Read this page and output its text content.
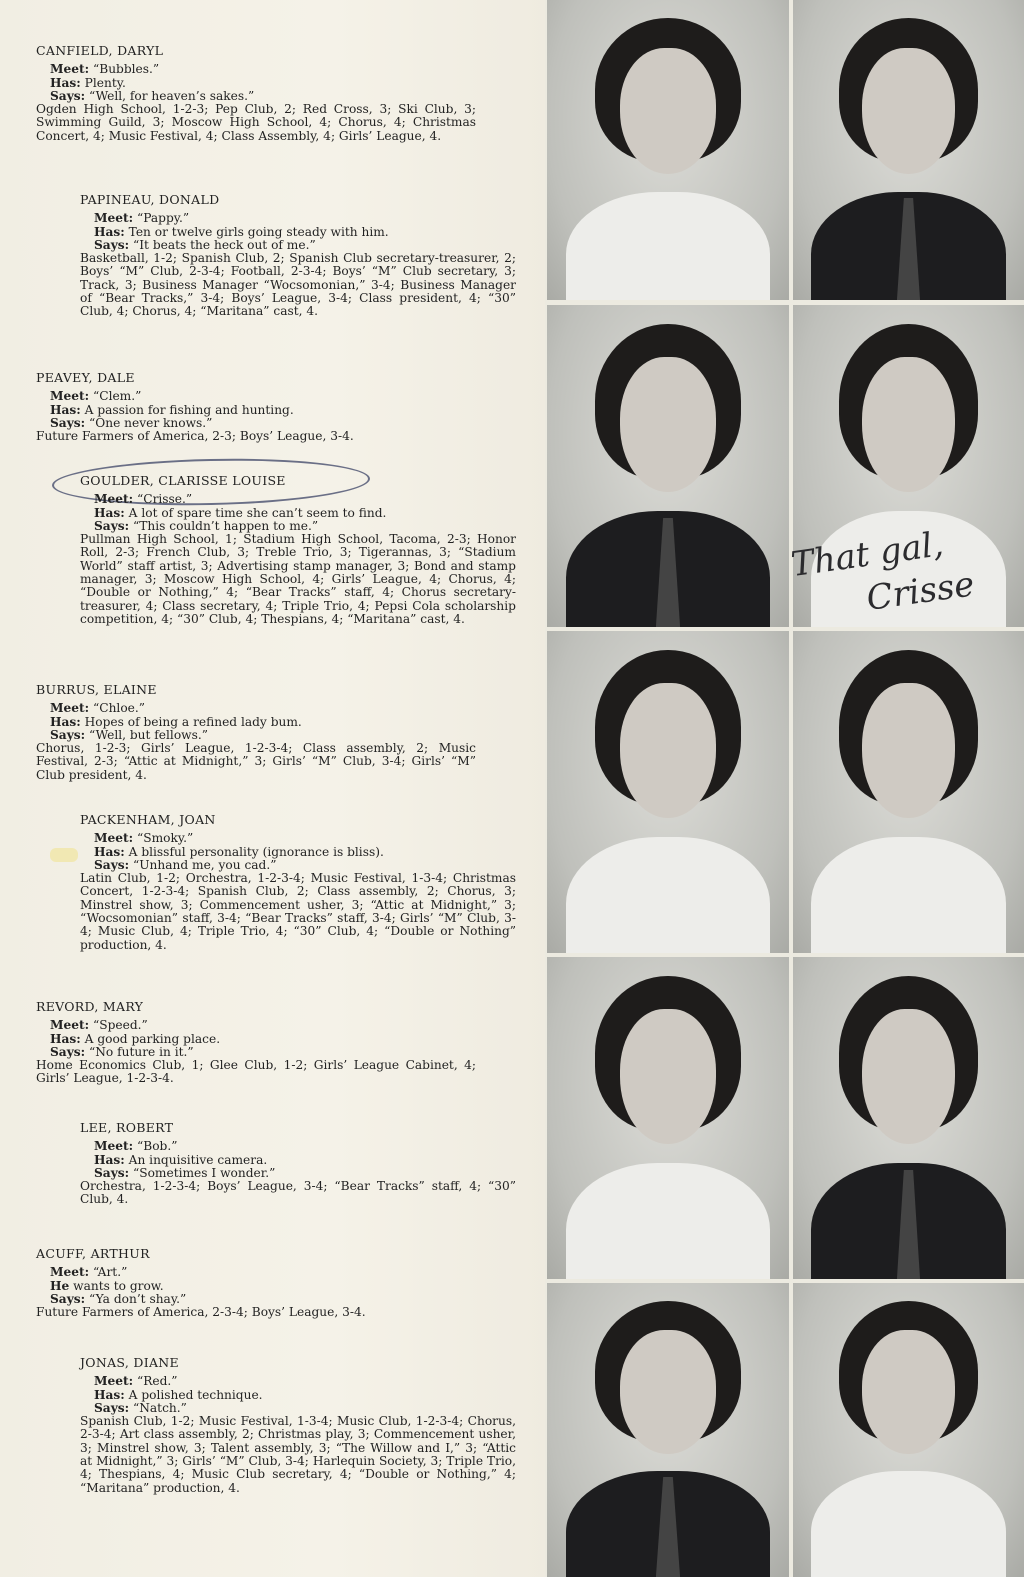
CANFIELD, DARYL
Meet: “Bubbles.”
Has: Plenty.
Says: “Well, for heaven’s sakes.”

Ogden High School, 1-2-3; Pep Club, 2; Red Cross, 3; Ski Club, 3; Swimming Guild, 3; Moscow High School, 4; Chorus, 4; Christmas Concert, 4; Music Festival, 4; Class Assembly, 4; Girls’ League, 4.

PAPINEAU, DONALD
Meet: “Pappy.”
Has: Ten or twelve girls going steady with him.
Says: “It beats the heck out of me.”

Basketball, 1-2; Spanish Club, 2; Spanish Club secretary-treasurer, 2; Boys’ “M” Club, 2-3-4; Football, 2-3-4; Boys’ “M” Club secretary, 3; Track, 3; Business Manager “Wocsomonian,” 3-4; Business Manager of “Bear Tracks,” 3-4; Boys’ League, 3-4; Class president, 4; “30” Club, 4; Chorus, 4; “Maritana” cast, 4.

PEAVEY, DALE
Meet: “Clem.”
Has: A passion for fishing and hunting.
Says: “One never knows.”

Future Farmers of America, 2-3; Boys’ League, 3-4.

GOULDER, CLARISSE LOUISE
Meet: “Crisse.”
Has: A lot of spare time she can’t seem to find.
Says: “This couldn’t happen to me.”

Pullman High School, 1; Stadium High School, Tacoma, 2-3; Honor Roll, 2-3; French Club, 3; Treble Trio, 3; Tigerannas, 3; “Stadium World” staff artist, 3; Advertising stamp manager, 3; Bond and stamp manager, 3; Moscow High School, 4; Girls’ League, 4; Chorus, 4; “Double or Nothing,” 4; “Bear Tracks” staff, 4; Chorus secretary-treasurer, 4; Class secretary, 4; Triple Trio, 4; Pepsi Cola scholarship competition, 4; “30” Club, 4; Thespians, 4; “Maritana” cast, 4.

BURRUS, ELAINE
Meet: “Chloe.”
Has: Hopes of being a refined lady bum.
Says: “Well, but fellows.”

Chorus, 1-2-3; Girls’ League, 1-2-3-4; Class assembly, 2; Music Festival, 2-3; “Attic at Midnight,” 3; Girls’ “M” Club, 3-4; Girls’ “M” Club president, 4.

PACKENHAM, JOAN
Meet: “Smoky.”
Has: A blissful personality (ignorance is bliss).
Says: “Unhand me, you cad.”

Latin Club, 1-2; Orchestra, 1-2-3-4; Music Festival, 1-3-4; Christmas Concert, 1-2-3-4; Spanish Club, 2; Class assembly, 2; Chorus, 3; Minstrel show, 3; Commencement usher, 3; “Attic at Midnight,” 3; “Wocsomonian” staff, 3-4; “Bear Tracks” staff, 3-4; Girls’ “M” Club, 3-4; Music Club, 4; Triple Trio, 4; “30” Club, 4; “Double or Nothing” production, 4.

REVORD, MARY
Meet: “Speed.”
Has: A good parking place.
Says: “No future in it.”

Home Economics Club, 1; Glee Club, 1-2; Girls’ League Cabinet, 4; Girls’ League, 1-2-3-4.

LEE, ROBERT
Meet: “Bob.”
Has: An inquisitive camera.
Says: “Sometimes I wonder.”

Orchestra, 1-2-3-4; Boys’ League, 3-4; “Bear Tracks” staff, 4; “30” Club, 4.

ACUFF, ARTHUR
Meet: “Art.”
He wants to grow.
Says: “Ya don’t shay.”

Future Farmers of America, 2-3-4; Boys’ League, 3-4.

JONAS, DIANE
Meet: “Red.”
Has: A polished technique.
Says: “Natch.”

Spanish Club, 1-2; Music Festival, 1-3-4; Music Club, 1-2-3-4; Chorus, 2-3-4; Art class assembly, 2; Christmas play, 3; Commencement usher, 3; Minstrel show, 3; Talent assembly, 3; “The Willow and I,” 3; “Attic at Midnight,” 3; Girls’ “M” Club, 3-4; Harlequin Society, 3; Triple Trio, 4; Thespians, 4; Music Club secretary, 4; “Double or Nothing,” 4; “Maritana” production, 4.

That gal,
Crisse
